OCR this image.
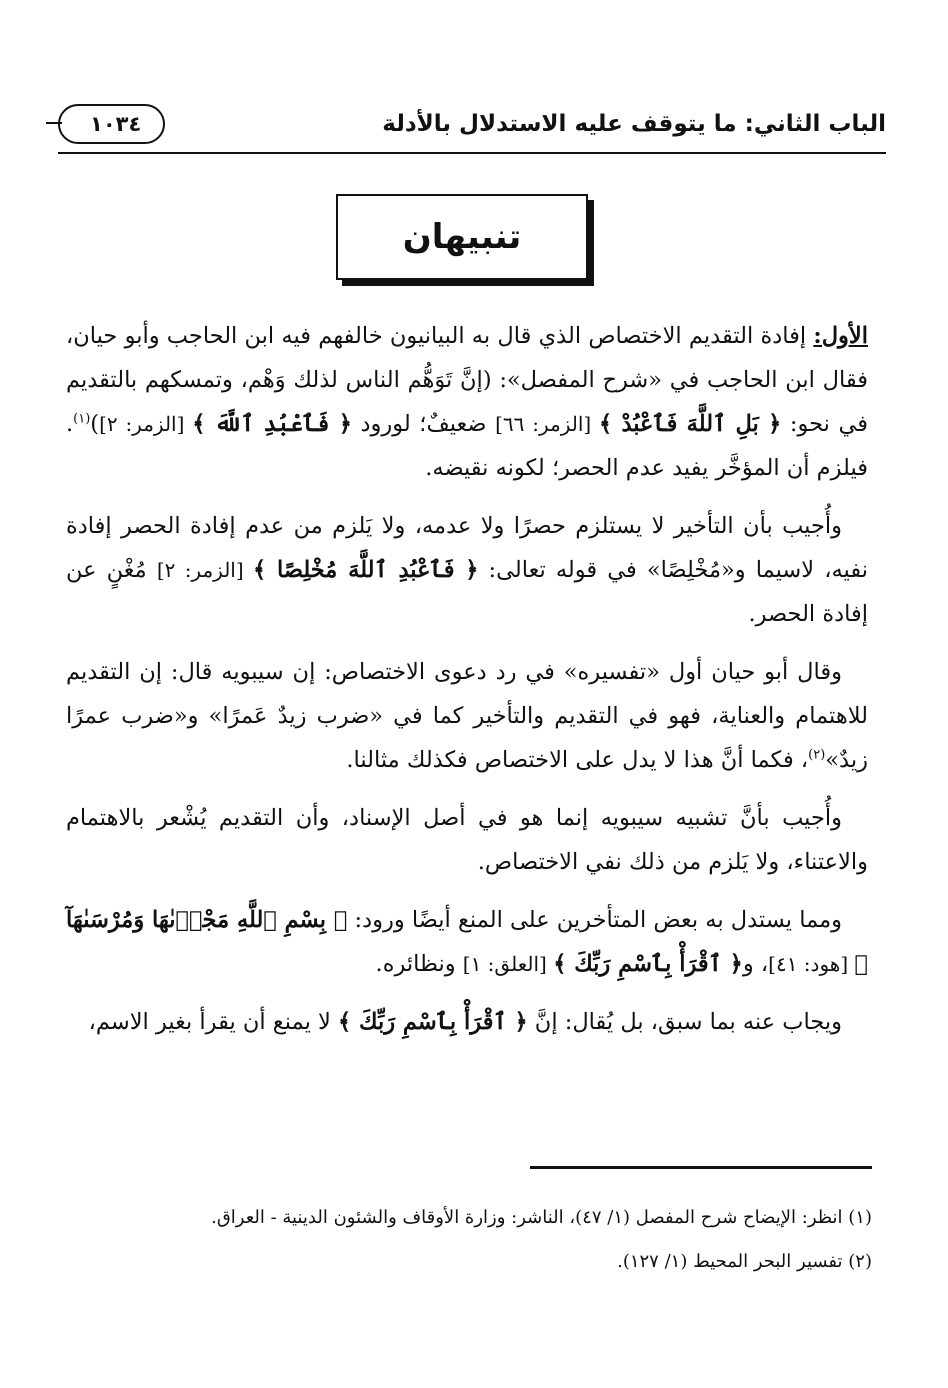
الباب الثاني: ما يتوقف عليه الاستدلال بالأدلة
١٠٣٤
تنبيهان

الأول: إفادة التقديم الاختصاص الذي قال به البيانيون خالفهم فيه ابن الحاجب وأبو حيان، فقال ابن الحاجب في «شرح المفصل»: (إنَّ تَوَهُّم الناس لذلك وَهْم، وتمسكهم بالتقديم في نحو: ﴿ بَلِ ٱللَّهَ فَٱعْبُدْ ﴾ [الزمر: ٦٦] ضعيفٌ؛ لورود ﴿ فَٱعْبُدِ ٱللَّهَ ﴾ [الزمر: ٢])$^{(١)}$. فيلزم أن المؤخَّر يفيد عدم الحصر؛ لكونه نقيضه.

وأُجيب بأن التأخير لا يستلزم حصرًا ولا عدمه، ولا يَلزم من عدم إفادة الحصر إفادة نفيه، لاسيما و«مُخْلِصًا» في قوله تعالى: ﴿ فَٱعْبُدِ ٱللَّهَ مُخْلِصًا ﴾ [الزمر: ٢] مُغْنٍ عن إفادة الحصر.

وقال أبو حيان أول «تفسيره» في رد دعوى الاختصاص: إن سيبويه قال: إن التقديم للاهتمام والعناية، فهو في التقديم والتأخير كما في «ضرب زيدٌ عَمرًا» و«ضرب عمرًا زيدٌ»$^{(٢)}$، فكما أنَّ هذا لا يدل على الاختصاص فكذلك مثالنا.

وأُجيب بأنَّ تشبيه سيبويه إنما هو في أصل الإسناد، وأن التقديم يُشْعر بالاهتمام والاعتناء، ولا يَلزم من ذلك نفي الاختصاص.

ومما يستدل به بعض المتأخرين على المنع أيضًا ورود: ﴿ بِسْمِ ٱللَّهِ مَجْرٜىٰهَا وَمُرْسَىٰهَآ ﴾ [هود: ٤١]، و﴿ ٱقْرَأْ بِٱسْمِ رَبِّكَ ﴾ [العلق: ١] ونظائره.

ويجاب عنه بما سبق، بل يُقال: إنَّ ﴿ ٱقْرَأْ بِٱسْمِ رَبِّكَ ﴾ لا يمنع أن يقرأ بغير الاسم،

(١) انظر: الإيضاح شرح المفصل (١/ ٤٧)، الناشر: وزارة الأوقاف والشئون الدينية - العراق.

(٢) تفسير البحر المحيط (١/ ١٢٧).
